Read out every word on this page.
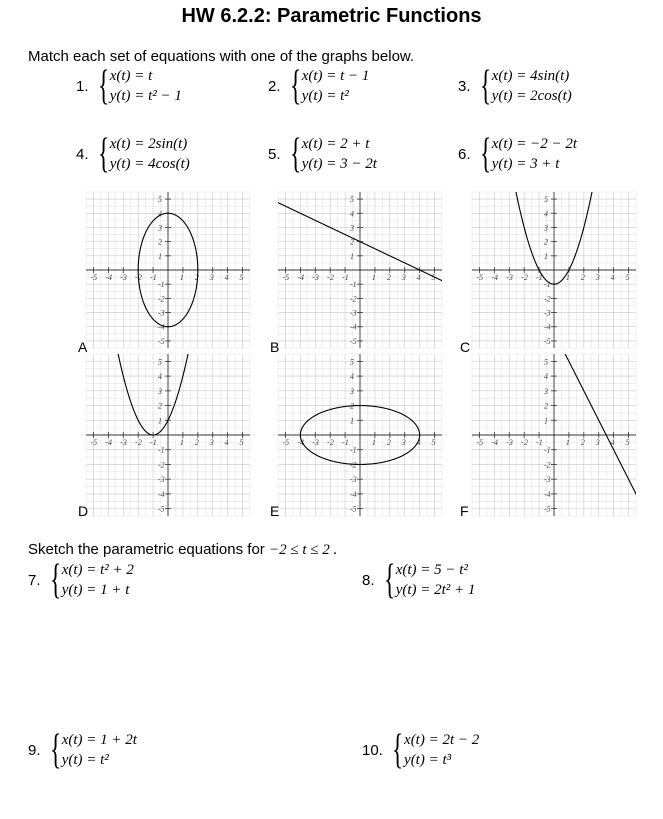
HW 6.2.2: Parametric Functions
Match each set of equations with one of the graphs below.
1. { x(t) = t
y(t) = t² − 1
2. { x(t) = t − 1
y(t) = t²
3. { x(t) = 4sin(t)
y(t) = 2cos(t)
4. { x(t) = 2sin(t)
y(t) = 4cos(t)
5. { x(t) = 2 + t
y(t) = 3 − 2t
6. { x(t) = −2 − 2t
y(t) = 3 + t
-5 -4 -3 -2 -1	1 2 3 4 5
5
4
3
2
1
-1
-2
-3
-4
-5
-5 -4 -3 -2 -1	1 2 3 4 5
5
4
3
2
1
-1
-2
-3
-4
-5
-5 -4 -3 -2 -1	1 2 3 4 5
5
4
3
2
1
-1
-2
-3
-4
-5
-5 -4 -3 -2 -1	1 2 3 4 5
5
4
3
2
1
-1
-2
-3
-4
-5
-5 -4 -3 -2 -1	1 2 3 4 5
5
4
3
2
1
-1
-2
-3
-4
-5
-5 -4 -3 -2 -1	1 2 3 4 5
5
4
3
2
1
-1
-2
-3
-4
-5
A	B	C
D	E	F
Sketch the parametric equations for −2 ≤ t ≤ 2 .
7. { x(t) = t² + 2
y(t) = 1 + t
8. { x(t) = 5 − t²
y(t) = 2t² + 1
9. { x(t) = 1 + 2t
y(t) = t²
10. { x(t) = 2t − 2
y(t) = t³
